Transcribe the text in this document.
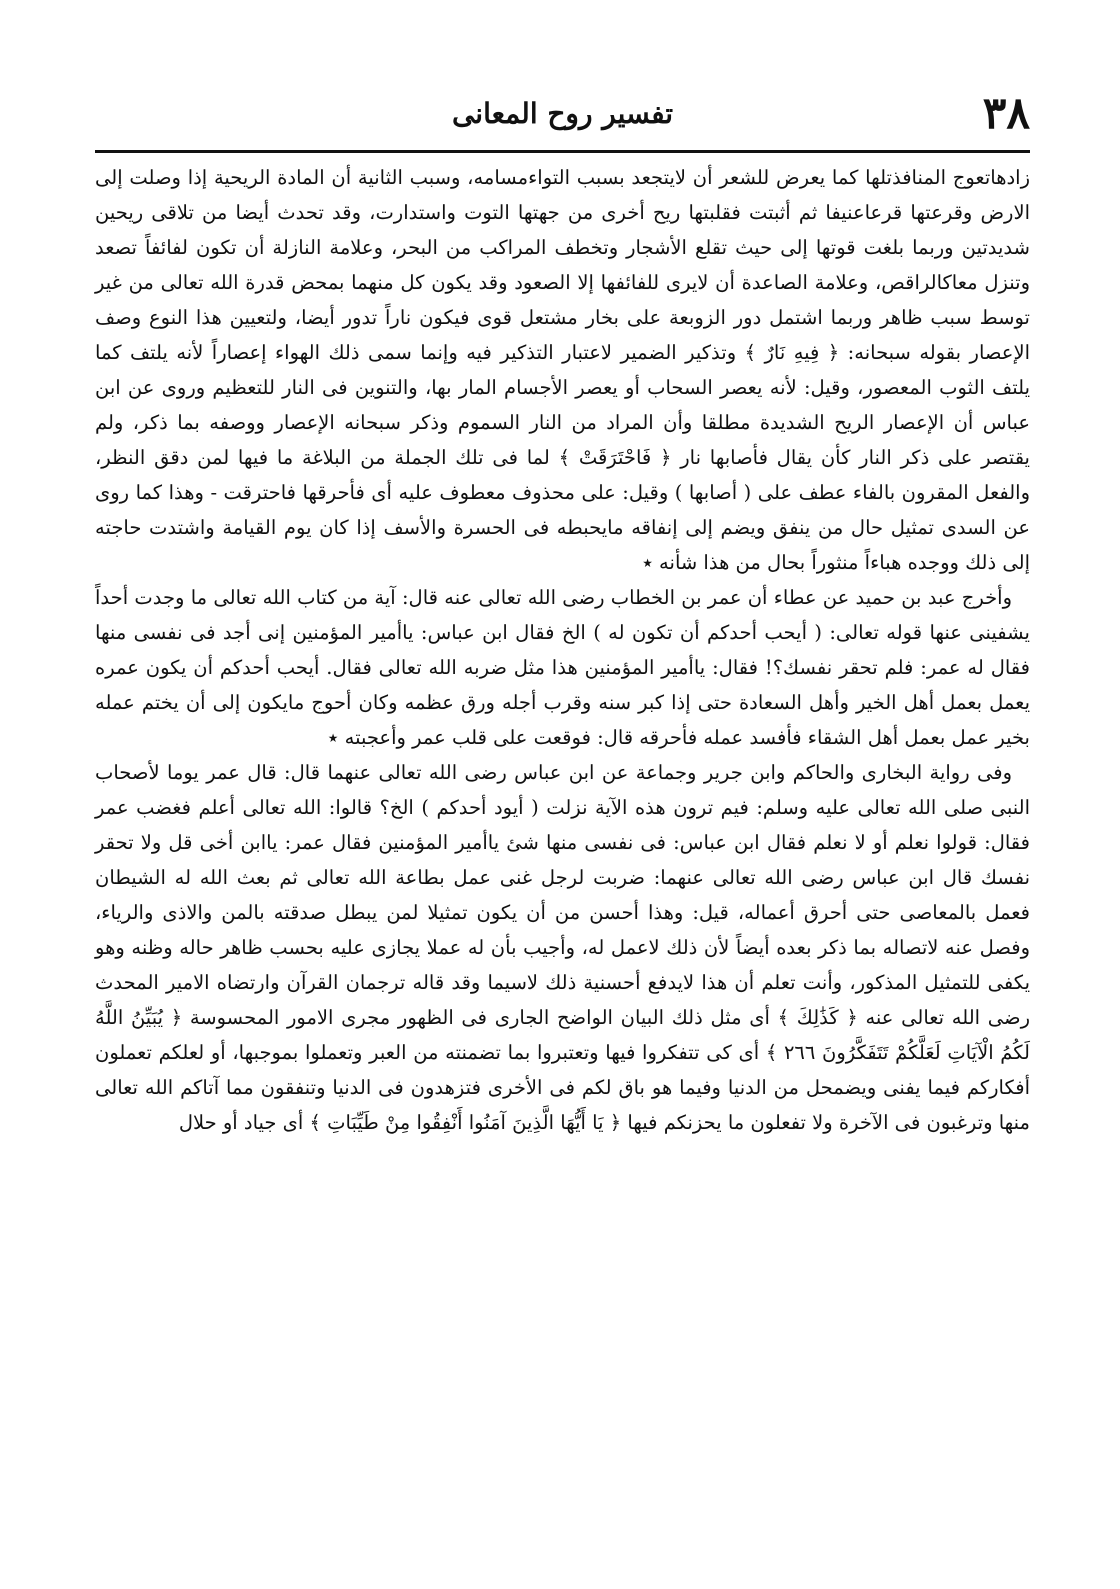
٣٨
تفسير روح المعانى

زادهاتعوج المنافذتلها كما يعرض للشعر أن لايتجعد بسبب التواءمسامه، وسبب الثانية أن المادة الريحية إذا وصلت إلى الارض وقرعتها قرعاعنيفا ثم أثبتت فقلبتها ريح أخرى من جهتها التوت واستدارت، وقد تحدث أيضا من تلاقى ريحين شديدتين وربما بلغت قوتها إلى حيث تقلع الأشجار وتخطف المراكب من البحر، وعلامة النازلة أن تكون لفائفاً تصعد وتنزل معاكالراقص، وعلامة الصاعدة أن لايرى للفائفها إلا الصعود وقد يكون كل منهما بمحض قدرة الله تعالى من غير توسط سبب ظاهر وربما اشتمل دور الزوبعة على بخار مشتعل قوى فيكون ناراً تدور أيضا، ولتعيين هذا النوع وصف الإعصار بقوله سبحانه: ﴿ فِيهِ نَارٌ ﴾ وتذكير الضمير لاعتبار التذكير فيه وإنما سمى ذلك الهواء إعصاراً لأنه يلتف كما يلتف الثوب المعصور، وقيل: لأنه يعصر السحاب أو يعصر الأجسام المار بها، والتنوين فى النار للتعظيم وروى عن ابن عباس أن الإعصار الريح الشديدة مطلقا وأن المراد من النار السموم وذكر سبحانه الإعصار ووصفه بما ذكر، ولم يقتصر على ذكر النار كأن يقال فأصابها نار ﴿ فَاحْتَرَقَتْ ﴾ لما فى تلك الجملة من البلاغة ما فيها لمن دقق النظر، والفعل المقرون بالفاء عطف على ( أصابها ) وقيل: على محذوف معطوف عليه أى فأحرقها فاحترقت - وهذا كما روى عن السدى تمثيل حال من ينفق ويضم إلى إنفاقه مايحبطه فى الحسرة والأسف إذا كان يوم القيامة واشتدت حاجته إلى ذلك ووجده هباءاً منثوراً بحال من هذا شأنه ٭

وأخرج عبد بن حميد عن عطاء أن عمر بن الخطاب رضى الله تعالى عنه قال: آية من كتاب الله تعالى ما وجدت أحداً يشفينى عنها قوله تعالى: ( أيحب أحدكم أن تكون له ) الخ فقال ابن عباس: ياأمير المؤمنين إنى أجد فى نفسى منها فقال له عمر: فلم تحقر نفسك؟! فقال: ياأمير المؤمنين هذا مثل ضربه الله تعالى فقال. أيحب أحدكم أن يكون عمره يعمل بعمل أهل الخير وأهل السعادة حتى إذا كبر سنه وقرب أجله ورق عظمه وكان أحوج مايكون إلى أن يختم عمله بخير عمل بعمل أهل الشقاء فأفسد عمله فأحرقه قال: فوقعت على قلب عمر وأعجبته ٭

وفى رواية البخارى والحاكم وابن جرير وجماعة عن ابن عباس رضى الله تعالى عنهما قال: قال عمر يوما لأصحاب النبى صلى الله تعالى عليه وسلم: فيم ترون هذه الآية نزلت ( أيود أحدكم ) الخ؟ قالوا: الله تعالى أعلم فغضب عمر فقال: قولوا نعلم أو لا نعلم فقال ابن عباس: فى نفسى منها شئ ياأمير المؤمنين فقال عمر: ياابن أخى قل ولا تحقر نفسك قال ابن عباس رضى الله تعالى عنهما: ضربت لرجل غنى عمل بطاعة الله تعالى ثم بعث الله له الشيطان فعمل بالمعاصى حتى أحرق أعماله، قيل: وهذا أحسن من أن يكون تمثيلا لمن يبطل صدقته بالمن والاذى والرياء، وفصل عنه لاتصاله بما ذكر بعده أيضاً لأن ذلك لاعمل له، وأجيب بأن له عملا يجازى عليه بحسب ظاهر حاله وظنه وهو يكفى للتمثيل المذكور، وأنت تعلم أن هذا لايدفع أحسنية ذلك لاسيما وقد قاله ترجمان القرآن وارتضاه الامير المحدث رضى الله تعالى عنه ﴿ كَذَٰلِكَ ﴾ أى مثل ذلك البيان الواضح الجارى فى الظهور مجرى الامور المحسوسة ﴿ يُبَيِّنُ اللَّهُ لَكُمُ الْآيَاتِ لَعَلَّكُمْ تَتَفَكَّرُونَ ٢٦٦ ﴾ أى كى تتفكروا فيها وتعتبروا بما تضمنته من العبر وتعملوا بموجبها، أو لعلكم تعملون أفكاركم فيما يفنى ويضمحل من الدنيا وفيما هو باق لكم فى الأخرى فتزهدون فى الدنيا وتنفقون مما آتاكم الله تعالى منها وترغبون فى الآخرة ولا تفعلون ما يحزنكم فيها ﴿ يَا أَيُّهَا الَّذِينَ آمَنُوا أَنْفِقُوا مِنْ طَيِّبَاتِ ﴾ أى جياد أو حلال
